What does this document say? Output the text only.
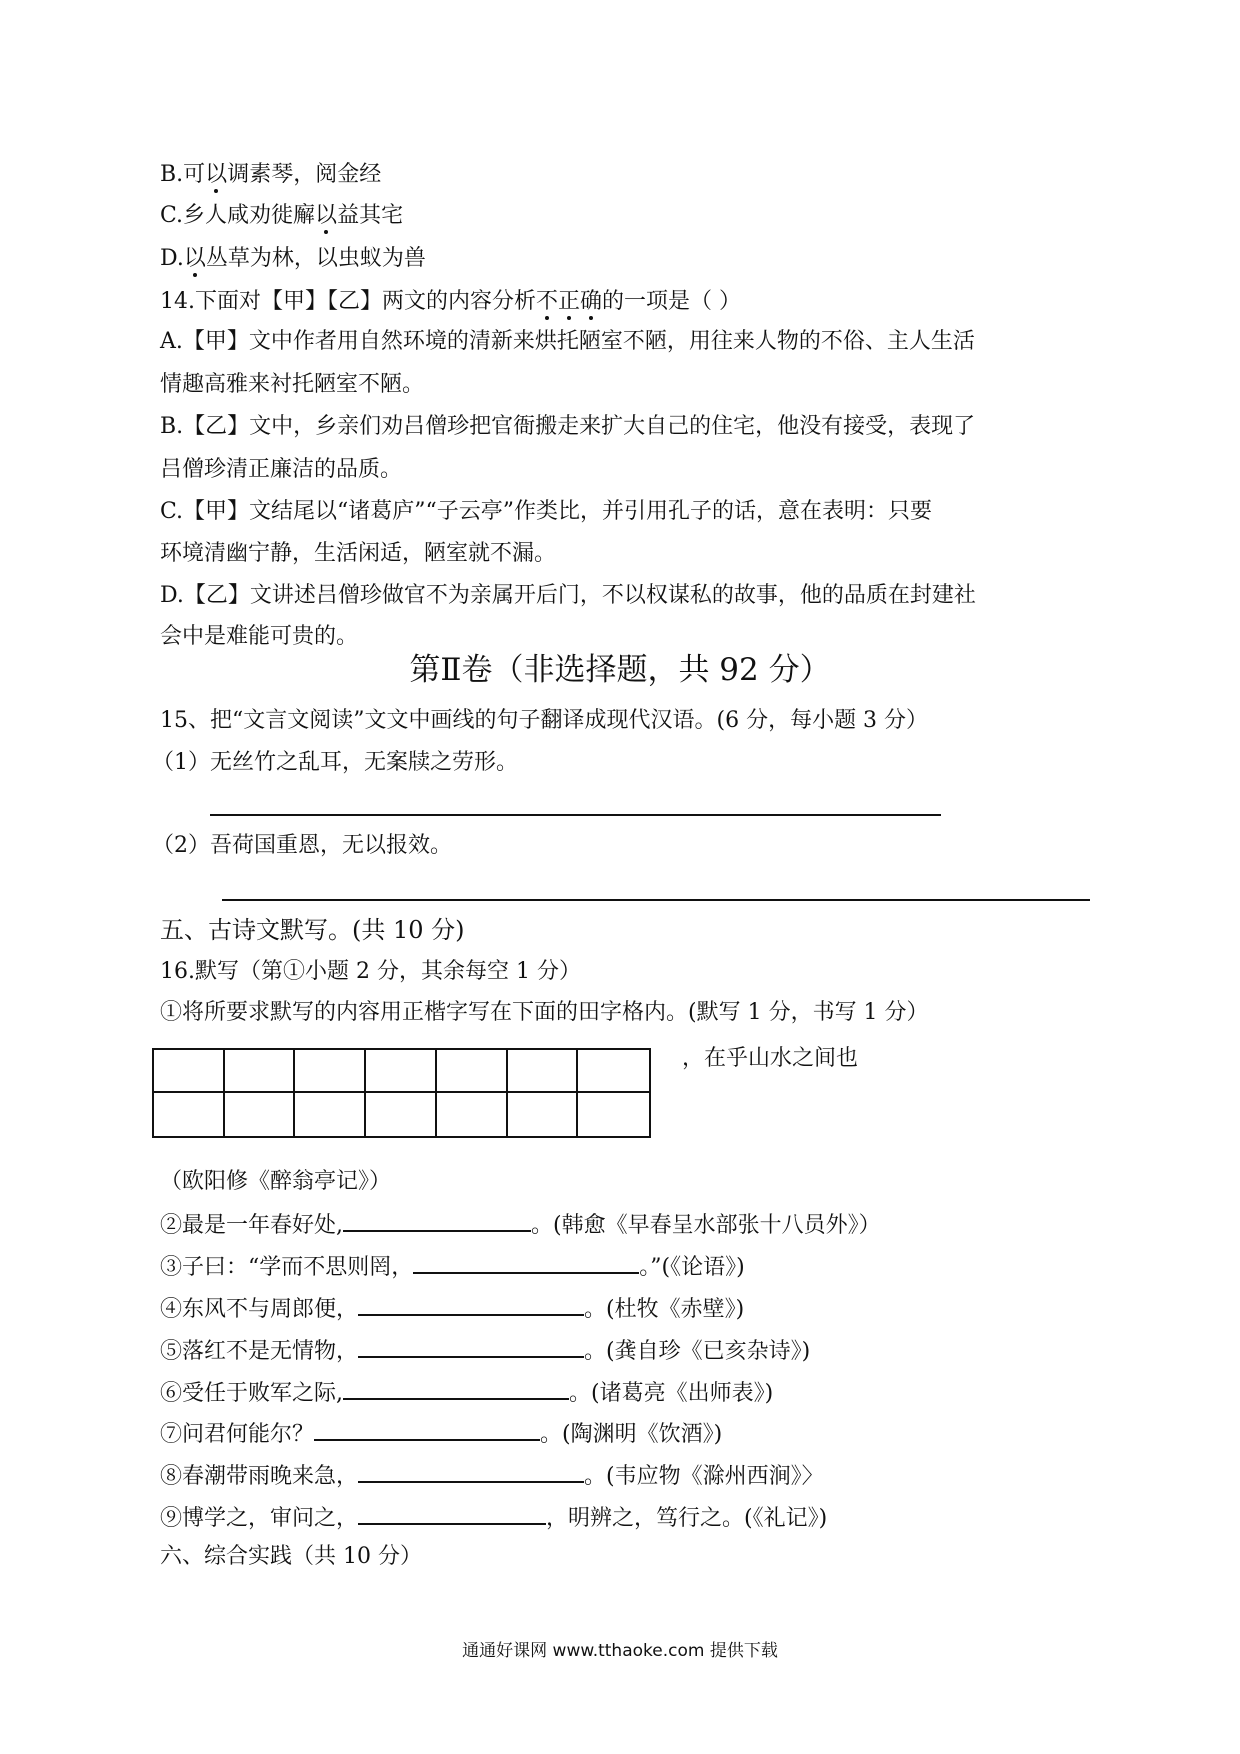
B.可以调素琴，阅金经
C.乡人咸劝徙廨以益其宅
D.以丛草为林，以虫蚁为兽
14.下面对【甲】【乙】两文的内容分析不正确的一项是（ ）
A.【甲】文中作者用自然环境的清新来烘托陋室不陋，用往来人物的不俗、主人生活
情趣高雅来衬托陋室不陋。
B.【乙】文中，乡亲们劝吕僧珍把官衙搬走来扩大自己的住宅，他没有接受，表现了
吕僧珍清正廉洁的品质。
C.【甲】文结尾以“诸葛庐”“子云亭”作类比，并引用孔子的话，意在表明：只要
环境清幽宁静，生活闲适，陋室就不漏。
D.【乙】文讲述吕僧珍做官不为亲属开后门，不以权谋私的故事，他的品质在封建社
会中是难能可贵的。
第Ⅱ卷（非选择题，共 92 分）
15、把“文言文阅读”文文中画线的句子翻译成现代汉语。(6 分，每小题 3 分）
（1）无丝竹之乱耳，无案牍之劳形。
（2）吾荷国重恩，无以报效。
五、古诗文默写。(共 10 分)
16.默写（第①小题 2 分，其余每空 1 分）
①将所要求默写的内容用正楷字写在下面的田字格内。(默写 1 分，书写 1 分）
，在乎山水之间也
（欧阳修《醉翁亭记》）
②最是一年春好处,	。(韩愈《早春呈水部张十八员外》）
③子曰：“学而不思则罔，	。”(《论语》)
④东风不与周郎便，	。(杜牧《赤壁》)
⑤落红不是无情物，	。(龚自珍《已亥杂诗》)
⑥受任于败军之际,	。(诸葛亮《出师表》)
⑦问君何能尔？	。(陶渊明《饮酒》)
⑧春潮带雨晚来急，	。(韦应物《滁州西涧》〉
⑨博学之，审问之，	，明辨之，笃行之。(《礼记》)
六、综合实践（共 10 分）
通通好课网 www.tthaoke.com 提供下载
